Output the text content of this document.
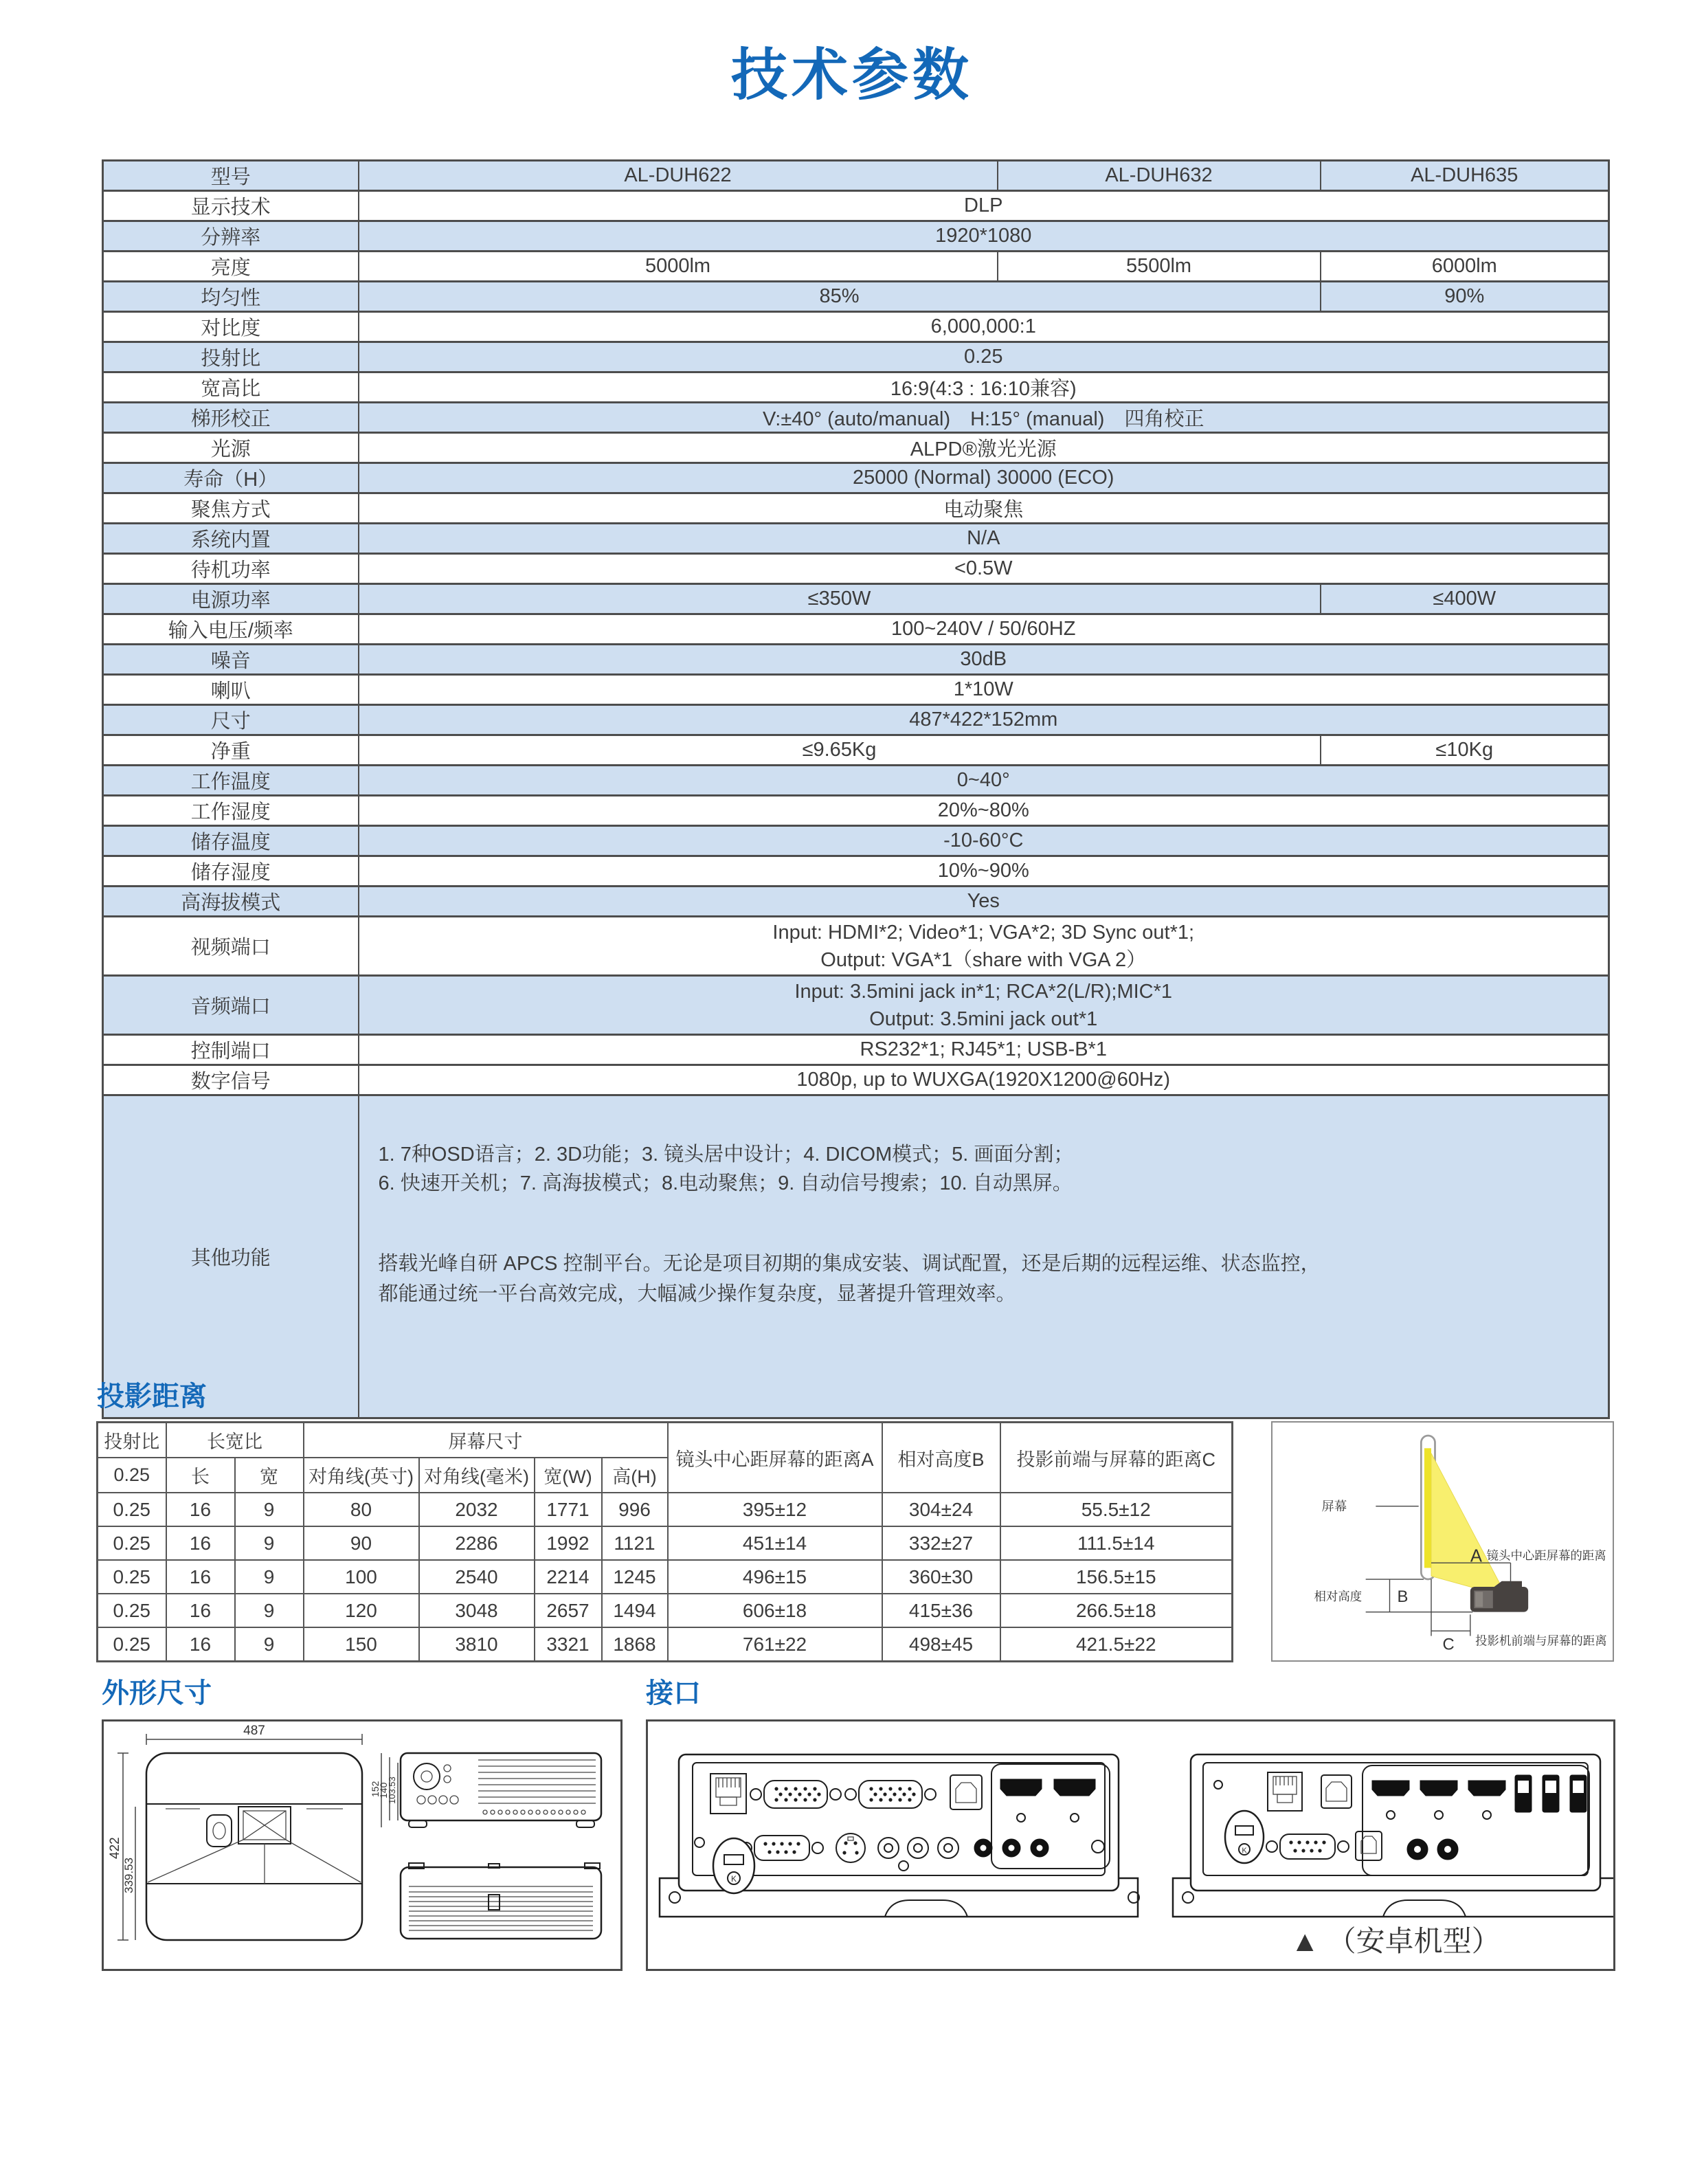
技术参数
型号	AL-DUH622	AL-DUH632	AL-DUH635
显示技术	DLP		
分辨率	1920*1080		
亮度	5000lm	5500lm	6000lm
均匀性	85%		90%
对比度	6,000,000:1		
投射比	0.25		
宽高比	16:9(4:3 : 16:10兼容)		
梯形校正	V:±40° (auto/manual)　H:15° (manual)　四角校正		
光源	ALPD®激光光源		
寿命（H）	25000 (Normal) 30000 (ECO)		
聚焦方式	电动聚焦		
系统内置	N/A		
待机功率	<0.5W		
电源功率	≤350W		≤400W
输入电压/频率	100~240V / 50/60HZ		
噪音	30dB		
喇叭	1*10W		
尺寸	487*422*152mm		
净重	≤9.65Kg		≤10Kg
工作温度	0~40°		
工作湿度	20%~80%		
储存温度	-10-60°C		
储存湿度	10%~90%		
高海拔模式	Yes		
视频端口	Input: HDMI*2; Video*1; VGA*2; 3D Sync out*1;
Output: VGA*1（share with VGA 2）		

音频端口	Input: 3.5mini jack in*1; RCA*2(L/R);MIC*1
Output: 3.5mini jack out*1		

控制端口	RS232*1; RJ45*1; USB-B*1		
数字信号	1080p, up to WUXGA(1920X1200@60Hz)		
其他功能	1. 7种OSD语言；2. 3D功能；3. 镜头居中设计；4. DICOM模式；5. 画面分割；
6. 快速开关机；7. 高海拔模式；8.电动聚焦；9. 自动信号搜索；10. 自动黑屏。
搭载光峰自研 APCS 控制平台。无论是项目初期的集成安装、调试配置，还是后期的远程运维、状态监控，都能通过统一平台高效完成，大幅减少操作复杂度，显著提升管理效率。		
投影距离
投射比	长宽比		屏幕尺寸				镜头中心距屏幕的距离A	相对高度B	投影前端与屏幕的距离C
0.25	长	宽	对角线(英寸)	对角线(毫米)	宽(W)	高(H)			
0.25	16	9	80	2032	1771	996	395±12	304±24	55.5±12
0.25	16	9	90	2286	1992	1121	451±14	332±27	111.5±14
0.25	16	9	100	2540	2214	1245	496±15	360±30	156.5±15
0.25	16	9	120	3048	2657	1494	606±18	415±36	266.5±18
0.25	16	9	150	3810	3321	1868	761±22	498±45	421.5±22
屏幕
A 镜头中心距屏幕的距离
相对高度 B
C 投影机前端与屏幕的距离
外形尺寸
487
422
339.53
152
140
103.53
接口
K
K
▲ （安卓机型）
